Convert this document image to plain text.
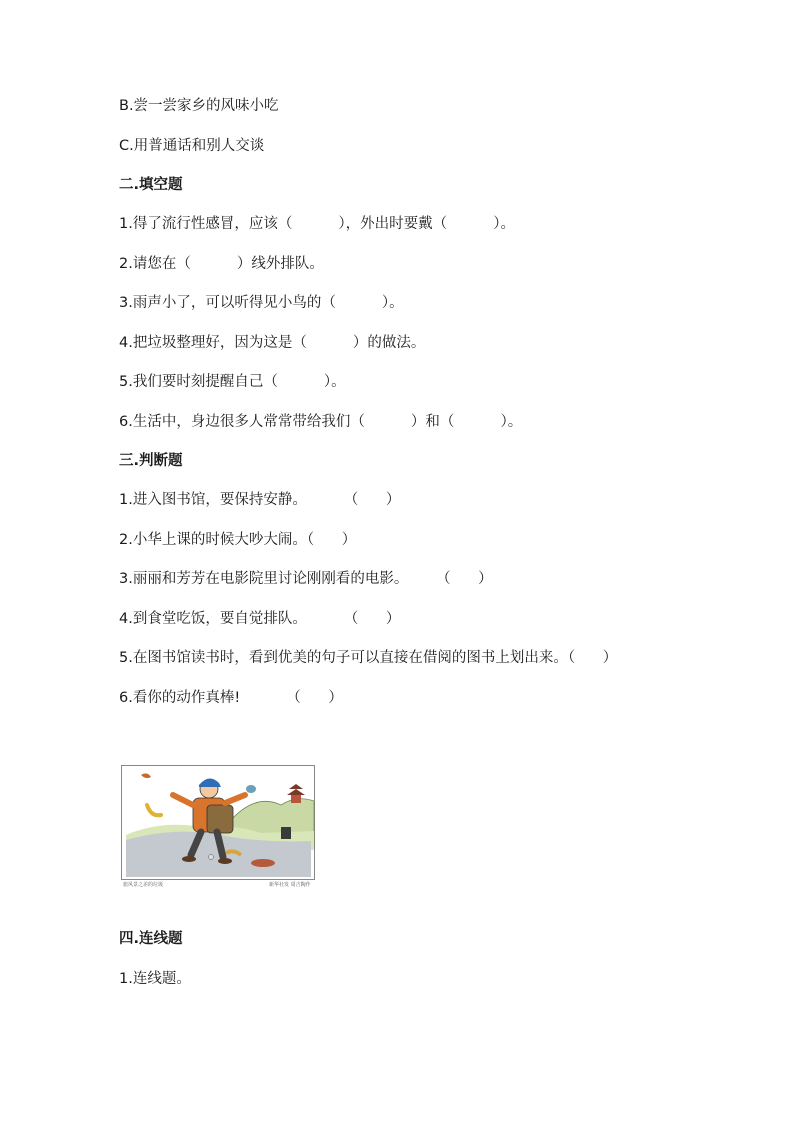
B.尝一尝家乡的风味小吃
C.用普通话和别人交谈
二.填空题
1.得了流行性感冒，应该（          ），外出时要戴（          ）。
2.请您在（          ）线外排队。
3.雨声小了，可以听得见小鸟的（          ）。
4.把垃圾整理好，因为这是（          ）的做法。
5.我们要时刻提醒自己（          ）。
6.生活中，身边很多人常常带给我们（          ）和（          ）。
三.判断题
1.进入图书馆，要保持安静。        （      ）
2.小华上课的时候大吵大闹。（      ）
3.丽丽和芳芳在电影院里讨论刚刚看的电影。      （      ）
4.到食堂吃饭，要自觉排队。        （      ）
5.在图书馆读书时，看到优美的句子可以直接在借阅的图书上划出来。（      ）
6.看你的动作真棒!          （      ）
旅风景之差的垃圾	新华社发 周吉陶作
四.连线题
1.连线题。
